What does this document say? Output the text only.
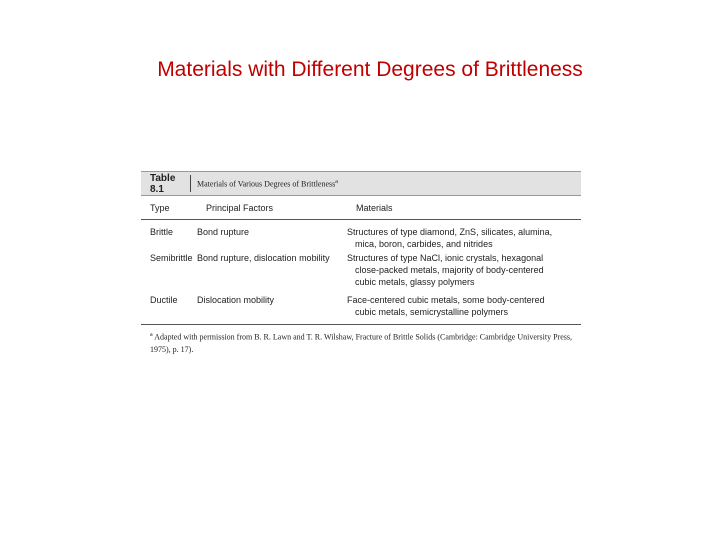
Materials with Different Degrees of Brittleness
Table 8.1	Materials of Various Degrees of Brittleness$^a$
Type	Principal Factors	Materials
Brittle	Bond rupture	Structures of type diamond, ZnS, silicates, alumina,
mica, boron, carbides, and nitrides
Semibrittle Bond rupture, dislocation mobility	Structures of type NaCl, ionic crystals, hexagonal
close-packed metals, majority of body-centered
cubic metals, glassy polymers
Ductile	Dislocation mobility	Face-centered cubic metals, some body-centered
cubic metals, semicrystalline polymers
$^a$ Adapted with permission from B. R. Lawn and T. R. Wilshaw, Fracture of Brittle Solids (Cambridge: Cambridge University Press, 1975), p. 17).
